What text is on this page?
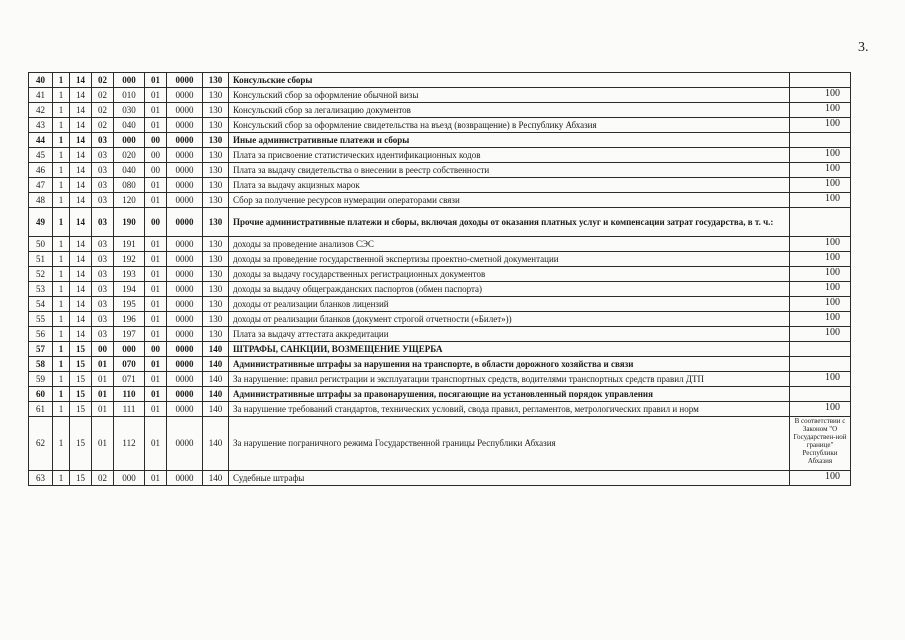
3.
40	1	14	02	000	01	0000	130	Консульские сборы	
41	1	14	02	010	01	0000	130	Консульский сбор за оформление обычной визы	100
42	1	14	02	030	01	0000	130	Консульский сбор за легализацию документов	100
43	1	14	02	040	01	0000	130	Консульский сбор за оформление свидетельства на въезд (возвращение) в Республику Абхазия	100
44	1	14	03	000	00	0000	130	Иные административные платежи и сборы	
45	1	14	03	020	00	0000	130	Плата за присвоение статистических идентификационных кодов	100
46	1	14	03	040	00	0000	130	Плата за выдачу свидетельства о внесении в реестр собственности	100
47	1	14	03	080	01	0000	130	Плата за выдачу акцизных марок	100
48	1	14	03	120	01	0000	130	Сбор за получение ресурсов нумерации операторами связи	100
49	1	14	03	190	00	0000	130	Прочие административные платежи и сборы, включая доходы от оказания платных услуг и компенсации затрат государства, в т. ч.:	
50	1	14	03	191	01	0000	130	доходы за проведение анализов СЭС	100
51	1	14	03	192	01	0000	130	доходы за проведение государственной экспертизы проектно-сметной документации	100
52	1	14	03	193	01	0000	130	доходы за выдачу государственных регистрационных документов	100
53	1	14	03	194	01	0000	130	доходы за выдачу общегражданских паспортов (обмен паспорта)	100
54	1	14	03	195	01	0000	130	доходы от реализации бланков лицензий	100
55	1	14	03	196	01	0000	130	доходы от реализации бланков (документ строгой отчетности («Билет»))	100
56	1	14	03	197	01	0000	130	Плата за выдачу аттестата аккредитации	100
57	1	15	00	000	00	0000	140	ШТРАФЫ, САНКЦИИ, ВОЗМЕЩЕНИЕ УЩЕРБА	
58	1	15	01	070	01	0000	140	Административные штрафы за нарушения на транспорте, в области дорожного хозяйства и связи	
59	1	15	01	071	01	0000	140	За нарушение: правил регистрации и эксплуатации транспортных средств, водителями транспортных средств правил ДТП	100
60	1	15	01	110	01	0000	140	Административные штрафы за правонарушения, посягающие на установленный порядок управления	
61	1	15	01	111	01	0000	140	За нарушение требований стандартов, технических условий, свода правил, регламентов, метрологических правил и норм	100
62	1	15	01	112	01	0000	140	За нарушение пограничного режима Государственной границы Республики Абхазия	В соответствии с Законом "О Государствен-ной границе" Республики Абхазия
63	1	15	02	000	01	0000	140	Судебные штрафы	100
